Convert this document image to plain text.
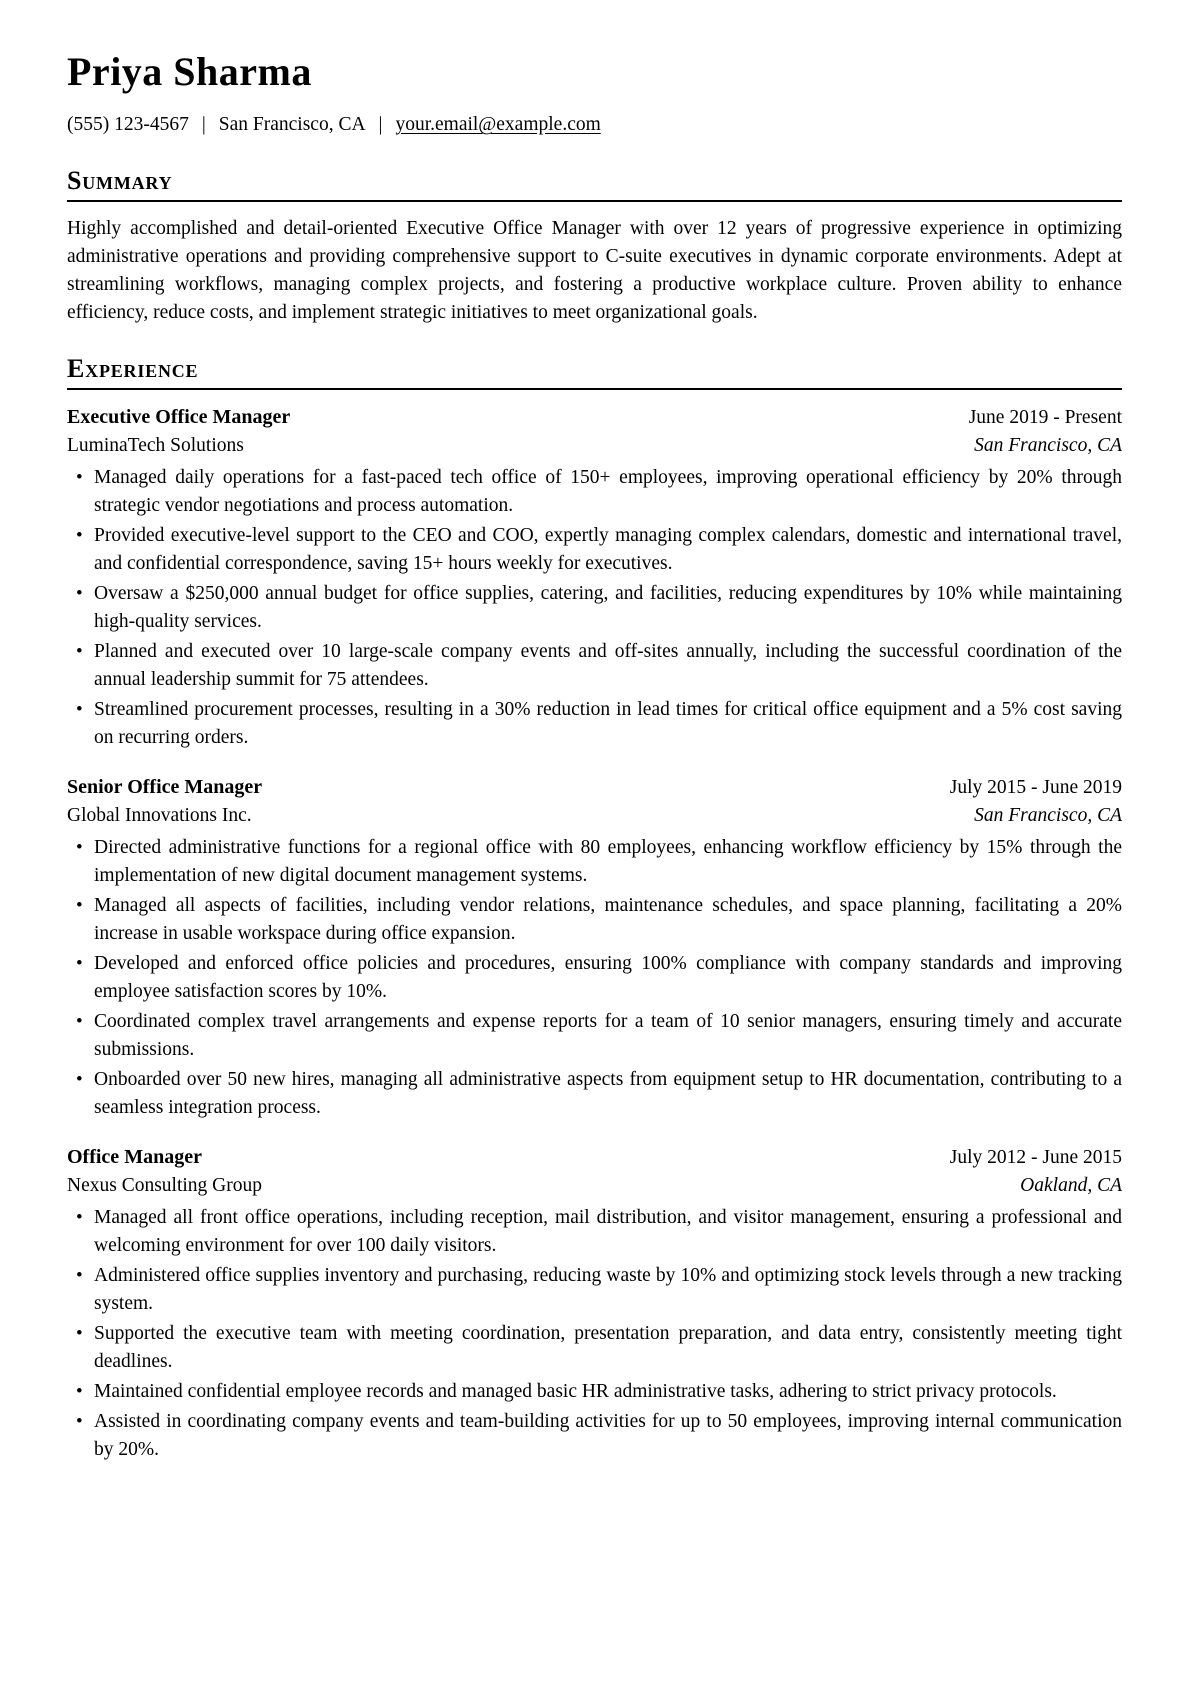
Priya Sharma
(555) 123-4567 | San Francisco, CA | your.email@example.com
Summary

Highly accomplished and detail-oriented Executive Office Manager with over 12 years of progressive experience in optimizing administrative operations and providing comprehensive support to C-suite executives in dynamic corporate environments. Adept at streamlining workflows, managing complex projects, and fostering a productive workplace culture. Proven ability to enhance efficiency, reduce costs, and implement strategic initiatives to meet organizational goals.

Experience
Executive Office Manager	June 2019 - Present
LuminaTech Solutions	San Francisco, CA
• Managed daily operations for a fast-paced tech office of 150+ employees, improving operational efficiency by 20% through strategic vendor negotiations and process automation.
• Provided executive-level support to the CEO and COO, expertly managing complex calendars, domestic and international travel, and confidential correspondence, saving 15+ hours weekly for executives.
• Oversaw a $250,000 annual budget for office supplies, catering, and facilities, reducing expenditures by 10% while maintaining high-quality services.
• Planned and executed over 10 large-scale company events and off-sites annually, including the successful coordination of the annual leadership summit for 75 attendees.
• Streamlined procurement processes, resulting in a 30% reduction in lead times for critical office equipment and a 5% cost saving on recurring orders.
Senior Office Manager	July 2015 - June 2019
Global Innovations Inc.	San Francisco, CA
• Directed administrative functions for a regional office with 80 employees, enhancing workflow efficiency by 15% through the implementation of new digital document management systems.
• Managed all aspects of facilities, including vendor relations, maintenance schedules, and space planning, facilitating a 20% increase in usable workspace during office expansion.
• Developed and enforced office policies and procedures, ensuring 100% compliance with company standards and improving employee satisfaction scores by 10%.
• Coordinated complex travel arrangements and expense reports for a team of 10 senior managers, ensuring timely and accurate submissions.
• Onboarded over 50 new hires, managing all administrative aspects from equipment setup to HR documentation, contributing to a seamless integration process.
Office Manager	July 2012 - June 2015
Nexus Consulting Group	Oakland, CA
• Managed all front office operations, including reception, mail distribution, and visitor management, ensuring a professional and welcoming environment for over 100 daily visitors.
• Administered office supplies inventory and purchasing, reducing waste by 10% and optimizing stock levels through a new tracking system.
• Supported the executive team with meeting coordination, presentation preparation, and data entry, consistently meeting tight deadlines.
• Maintained confidential employee records and managed basic HR administrative tasks, adhering to strict privacy protocols.
• Assisted in coordinating company events and team-building activities for up to 50 employees, improving internal communication by 20%.
